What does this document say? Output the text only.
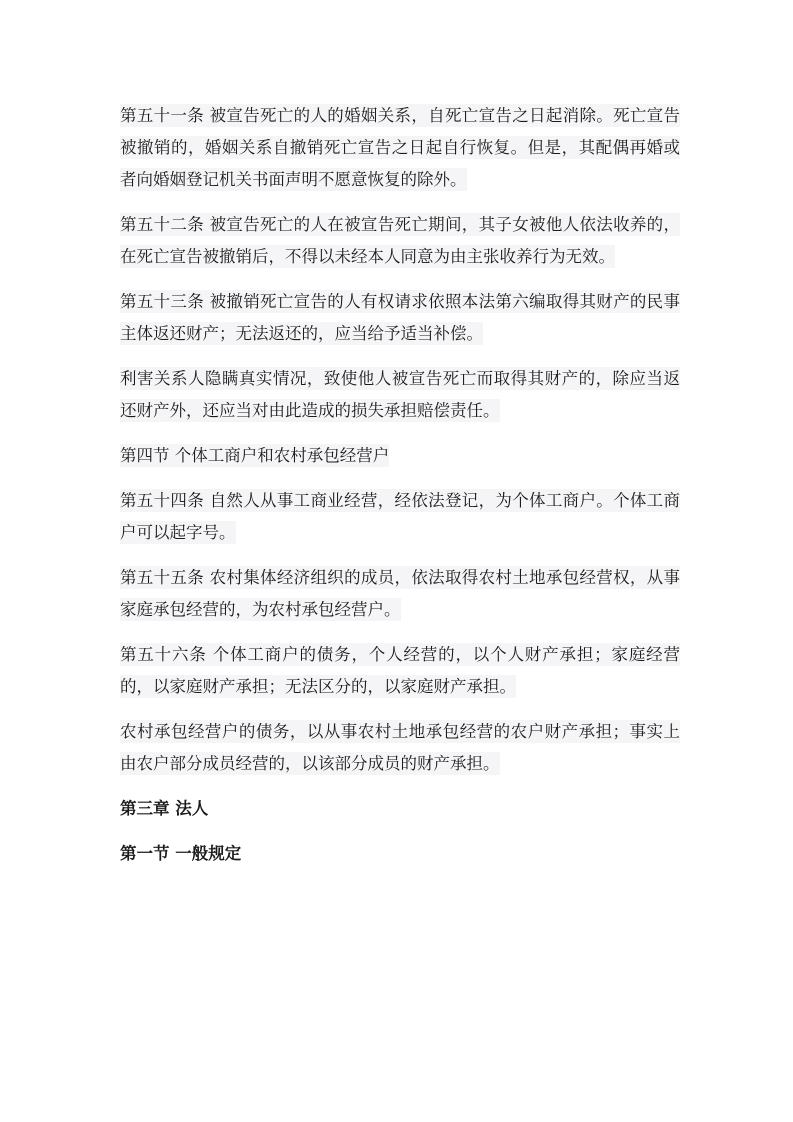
第五十一条 被宣告死亡的人的婚姻关系，自死亡宣告之日起消除。死亡宣告被撤销的，婚姻关系自撤销死亡宣告之日起自行恢复。但是，其配偶再婚或者向婚姻登记机关书面声明不愿意恢复的除外。

第五十二条 被宣告死亡的人在被宣告死亡期间，其子女被他人依法收养的，在死亡宣告被撤销后，不得以未经本人同意为由主张收养行为无效。

第五十三条 被撤销死亡宣告的人有权请求依照本法第六编取得其财产的民事主体返还财产；无法返还的，应当给予适当补偿。

利害关系人隐瞒真实情况，致使他人被宣告死亡而取得其财产的，除应当返还财产外，还应当对由此造成的损失承担赔偿责任。

第四节 个体工商户和农村承包经营户

第五十四条 自然人从事工商业经营，经依法登记，为个体工商户。个体工商户可以起字号。

第五十五条 农村集体经济组织的成员，依法取得农村土地承包经营权，从事家庭承包经营的，为农村承包经营户。

第五十六条 个体工商户的债务，个人经营的，以个人财产承担；家庭经营的，以家庭财产承担；无法区分的，以家庭财产承担。

农村承包经营户的债务，以从事农村土地承包经营的农户财产承担；事实上由农户部分成员经营的，以该部分成员的财产承担。

第三章 法人
第一节 一般规定
